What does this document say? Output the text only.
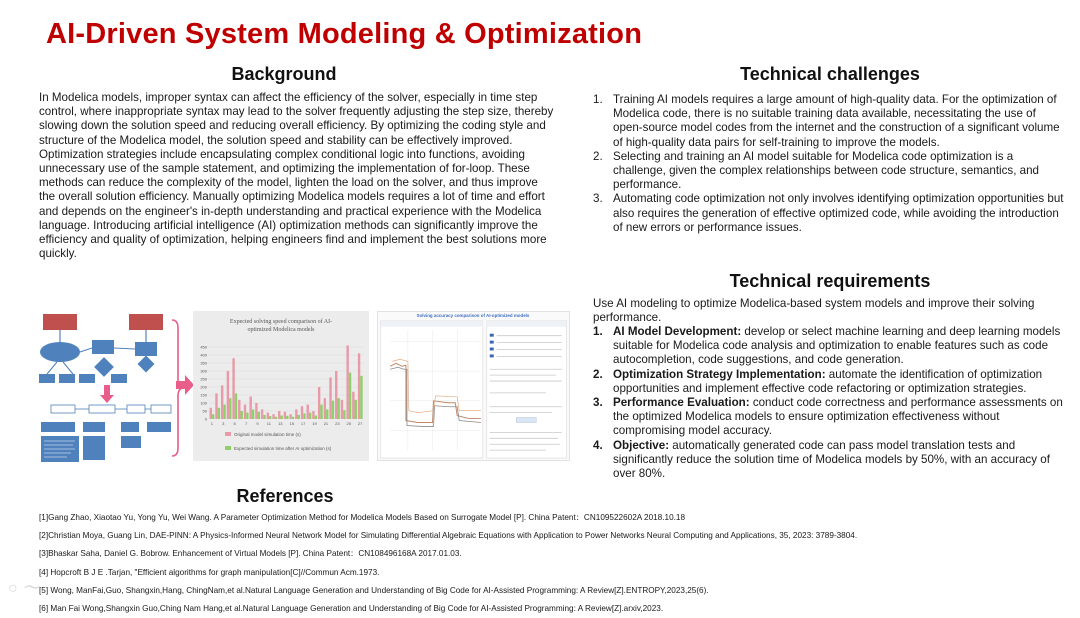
AI-Driven System Modeling & Optimization
Background
In Modelica models, improper syntax can affect the efficiency of the solver, especially in time step control, where inappropriate syntax may lead to the solver frequently adjusting the step size, thereby slowing down the solution speed and reducing overall efficiency. By optimizing the coding style and structure of the Modelica model, the solution speed and stability can be effectively improved. Optimization strategies include encapsulating complex conditional logic into functions, avoiding unnecessary use of the sample statement, and optimizing the implementation of for-loop. These methods can reduce the complexity of the model, lighten the load on the solver, and thus improve the overall solution efficiency. Manually optimizing Modelica models requires a lot of time and effort and depends on the engineer's in-depth understanding and practical experience with the Modelica language. Introducing artificial intelligence (AI) optimization methods can significantly improve the efficiency and quality of optimization, helping engineers find and implement the best solutions more quickly.
Technical challenges
1. Training AI models requires a large amount of high-quality data. For the optimization of Modelica code, there is no suitable training data available, necessitating the use of open-source model codes from the internet and the construction of a significant volume of high-quality data pairs for self-training to improve the models.
2. Selecting and training an AI model suitable for Modelica code optimization is a challenge, given the complex relationships between code structure, semantics, and performance.
3. Automating code optimization not only involves identifying optimization opportunities but also requires the generation of effective optimized code, while avoiding the introduction of new errors or performance issues.
Technical requirements
Use AI modeling to optimize Modelica-based system models and improve their solving performance.
1. AI Model Development: develop or select machine learning and deep learning models suitable for Modelica code analysis and optimization to enable features such as code autocompletion, code suggestions, and code generation.
2. Optimization Strategy Implementation: automate the identification of optimization opportunities and implement effective code refactoring or optimization strategies.
3. Performance Evaluation: conduct code correctness and performance assessments on the optimized Modelica models to ensure optimization effectiveness without compromising model accuracy.
4. Objective: automatically generated code can pass model translation tests and significantly reduce the solution time of Modelica models by 50%, with an accuracy of over 80%.
Expected solving speed comparison of AI-
optimized Modelica models
0
50
100
150
200
250
300
350
400
450
1 3 5 7 9 11 13 15 17 19 21 23 25 27
Original model simulation time (s)
Expected simulation time after AI optimization (s)
Solving accuracy comparison of AI-optimized models
References
[1]Gang Zhao, Xiaotao Yu, Yong Yu, Wei Wang. A Parameter Optimization Method for Modelica Models Based on Surrogate Model [P]. China Patent：CN109522602A 2018.10.18
[2]Christian Moya, Guang Lin, DAE-PINN: A Physics-Informed Neural Network Model for Simulating Differential Algebraic Equations with Application to Power Networks Neural Computing and Applications, 35, 2023: 3789-3804.
[3]Bhaskar Saha, Daniel G. Bobrow. Enhancement of Virtual Models [P]. China Patent：CN108496168A 2017.01.03.
[4] Hopcroft B J E .Tarjan, "Efficient algorithms for graph manipulation[C]//Commun Acm.1973.
[5] Wong, ManFai,Guo, Shangxin,Hang, ChingNam,et al.Natural Language Generation and Understanding of Big Code for AI-Assisted Programming: A Review[Z].ENTROPY,2023,25(6).
[6] Man Fai Wong,Shangxin Guo,Ching Nam Hang,et al.Natural Language Generation and Understanding of Big Code for AI-Assisted Programming: A Review[Z].arxiv,2023.
○ 〜
